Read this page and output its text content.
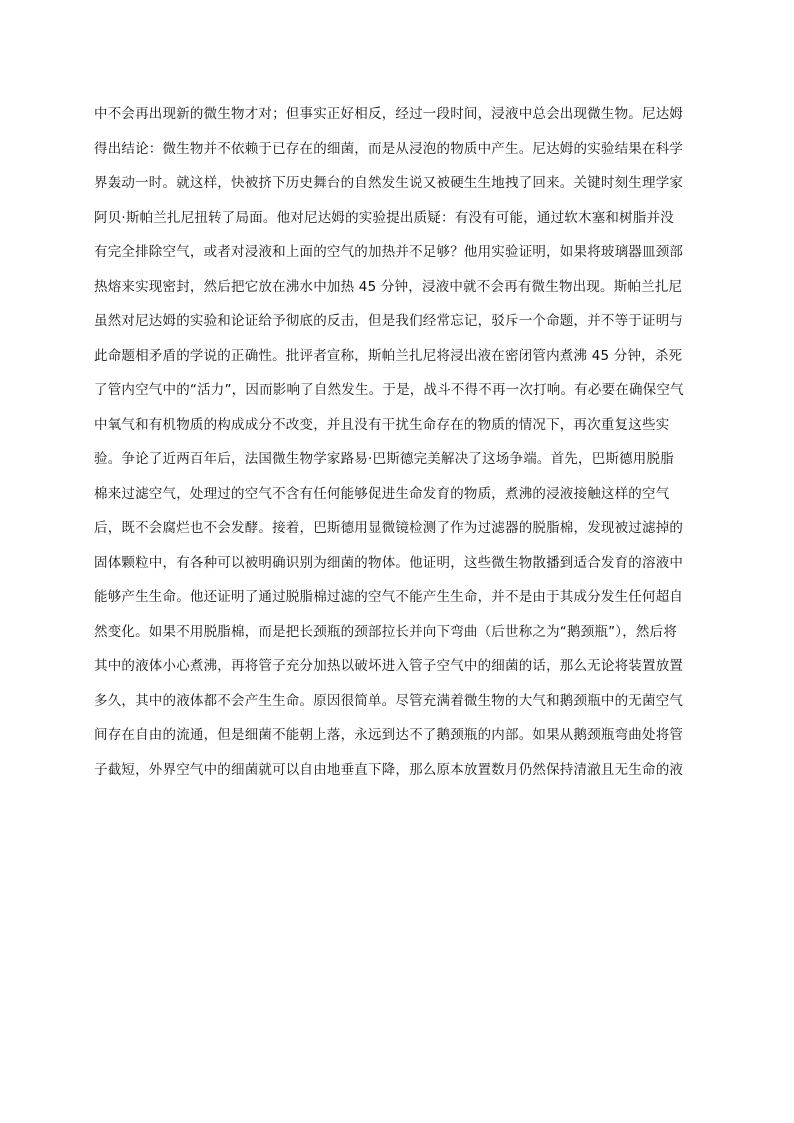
中不会再出现新的微生物才对；但事实正好相反，经过一段时间，浸液中总会出现微生物。尼达姆
得出结论：微生物并不依赖于已存在的细菌，而是从浸泡的物质中产生。尼达姆的实验结果在科学
界轰动一时。就这样，快被挤下历史舞台的自然发生说又被硬生生地拽了回来。关键时刻生理学家
阿贝·斯帕兰扎尼扭转了局面。他对尼达姆的实验提出质疑：有没有可能，通过软木塞和树脂并没
有完全排除空气，或者对浸液和上面的空气的加热并不足够？他用实验证明，如果将玻璃器皿颈部
热熔来实现密封，然后把它放在沸水中加热 45 分钟，浸液中就不会再有微生物出现。斯帕兰扎尼
虽然对尼达姆的实验和论证给予彻底的反击，但是我们经常忘记，驳斥一个命题，并不等于证明与
此命题相矛盾的学说的正确性。批评者宣称，斯帕兰扎尼将浸出液在密闭管内煮沸 45 分钟，杀死
了管内空气中的“活力”，因而影响了自然发生。于是，战斗不得不再一次打响。有必要在确保空气
中氧气和有机物质的构成成分不改变，并且没有干扰生命存在的物质的情况下，再次重复这些实
验。争论了近两百年后，法国微生物学家路易·巴斯德完美解决了这场争端。首先，巴斯德用脱脂
棉来过滤空气，处理过的空气不含有任何能够促进生命发育的物质，煮沸的浸液接触这样的空气
后，既不会腐烂也不会发酵。接着，巴斯德用显微镜检测了作为过滤器的脱脂棉，发现被过滤掉的
固体颗粒中，有各种可以被明确识别为细菌的物体。他证明，这些微生物散播到适合发育的溶液中
能够产生生命。他还证明了通过脱脂棉过滤的空气不能产生生命，并不是由于其成分发生任何超自
然变化。如果不用脱脂棉，而是把长颈瓶的颈部拉长并向下弯曲（后世称之为“鹅颈瓶”），然后将
其中的液体小心煮沸，再将管子充分加热以破坏进入管子空气中的细菌的话，那么无论将装置放置
多久，其中的液体都不会产生生命。原因很简单。尽管充满着微生物的大气和鹅颈瓶中的无菌空气
间存在自由的流通，但是细菌不能朝上落，永远到达不了鹅颈瓶的内部。如果从鹅颈瓶弯曲处将管
子截短，外界空气中的细菌就可以自由地垂直下降，那么原本放置数月仍然保持清澈且无生命的液
